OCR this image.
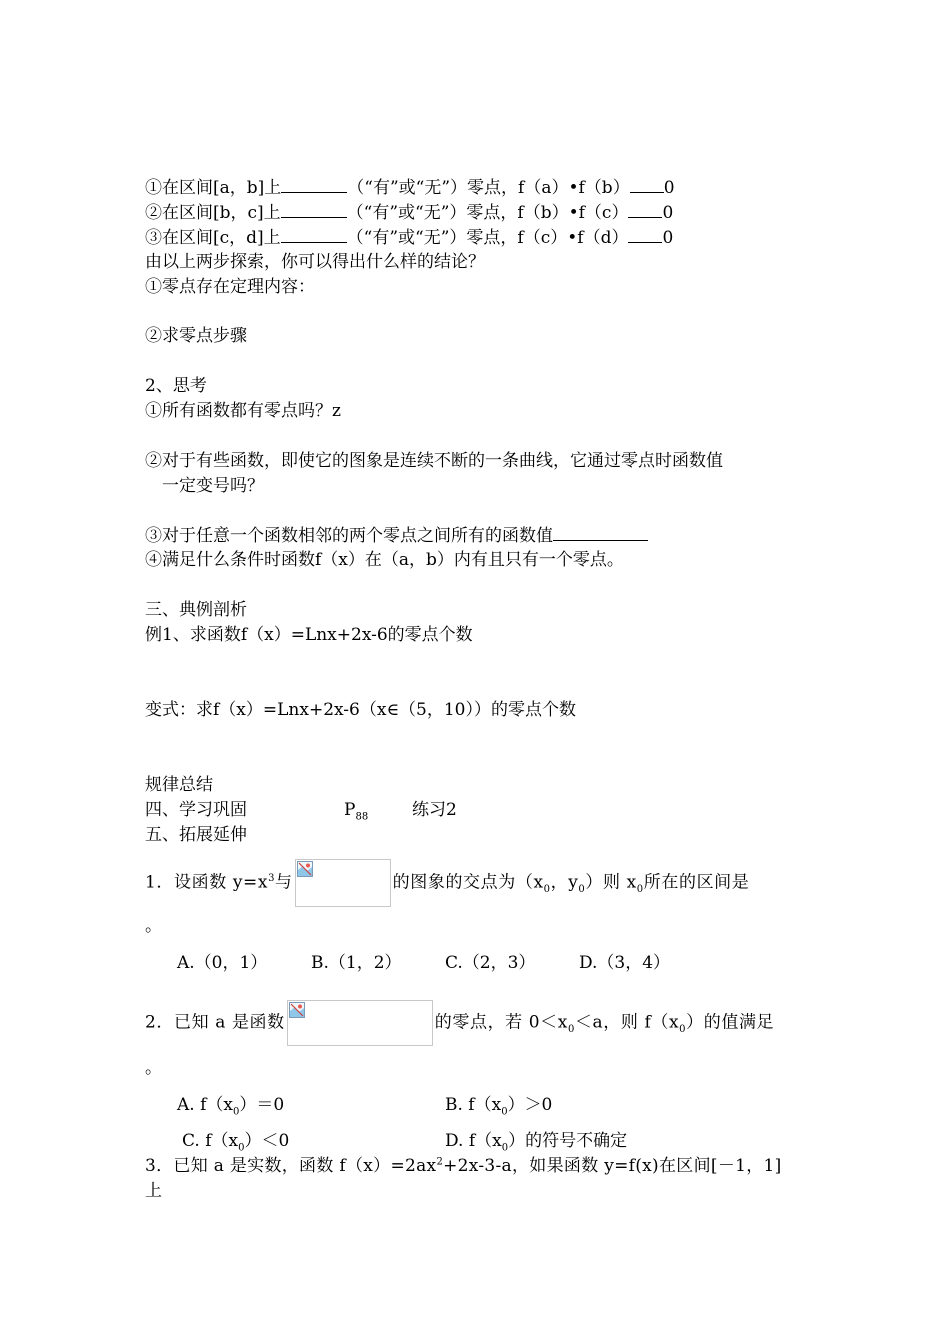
①在区间[a，b]上	（“有”或“无”）零点，f（a）•f（b） 0
②在区间[b，c]上	（“有”或“无”）零点，f（b）•f（c） 0
③在区间[c，d]上	（“有”或“无”）零点，f（c）•f（d） 0
由以上两步探索，你可以得出什么样的结论？
①零点存在定理内容：
②求零点步骤
2、思考
①所有函数都有零点吗？z
②对于有些函数，即使它的图象是连续不断的一条曲线，它通过零点时函数值
一定变号吗？
③对于任意一个函数相邻的两个零点之间所有的函数值
④满足什么条件时函数f（x）在（a，b）内有且只有一个零点。
三、典例剖析
例1、求函数f（x）=Lnx+2x-6的零点个数
变式：求f（x）=Lnx+2x-6（x∈（5，10））的零点个数
规律总结
四、学习巩固	$P_{88}$	练习2
五、拓展延伸
1．设函数 $y=x^3$与	的图象的交点为（$x_0$，$y_0$）则 $x_0$所在的区间是
。
A.（0，1）	B.（1，2）	C.（2，3）	D.（3，4）
2．已知 a 是函数	的零点，若 $0<x_0<a$，则 $f(x_0)$的值满足
。
A. $f(x_0)=0$	B. $f(x_0)>0$
C. $f(x_0)<0$	D. $f(x_0)$的符号不确定
3．已知 a 是实数，函数 $f(x)=2ax^2+2x-3-a$，如果函数 y=f(x)在区间[－1，1]
上
